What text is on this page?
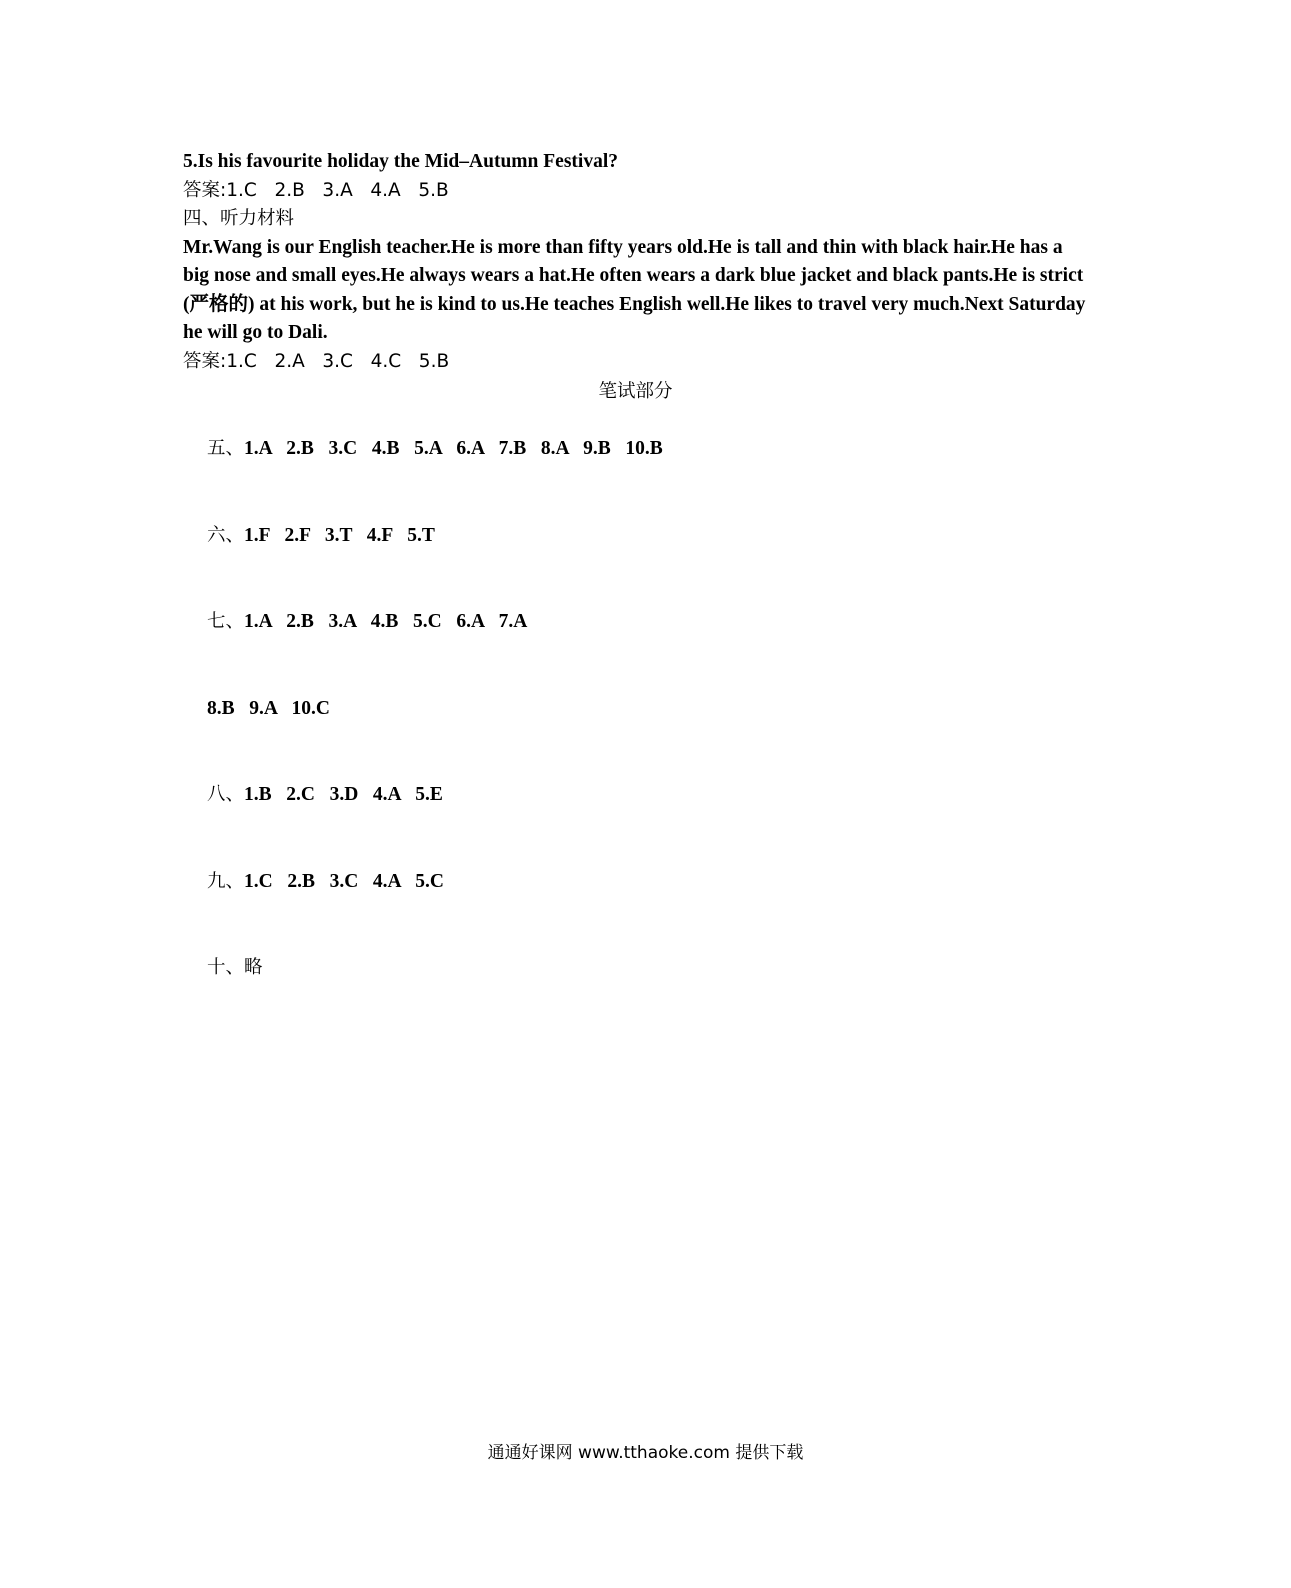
5.Is his favourite holiday the Mid–Autumn Festival?
答案:1.C   2.B   3.A   4.A   5.B
四、听力材料
Mr.Wang is our English teacher.He is more than fifty years old.He is tall and thin with black hair.He has a big nose and small eyes.He always wears a hat.He often wears a dark blue jacket and black pants.He is strict (严格的) at his work, but he is kind to us.He teaches English well.He likes to travel very much.Next Saturday he will go to Dali.
答案:1.C   2.A   3.C   4.C   5.B
笔试部分

五、1.A   2.B   3.C   4.B   5.A   6.A   7.B   8.A   9.B   10.B

六、1.F   2.F   3.T   4.F   5.T

七、1.A   2.B   3.A   4.B   5.C   6.A   7.A

8.B   9.A   10.C

八、1.B   2.C   3.D   4.A   5.E

九、1.C   2.B   3.C   4.A   5.C

十、略

通通好课网 www.tthaoke.com 提供下载
